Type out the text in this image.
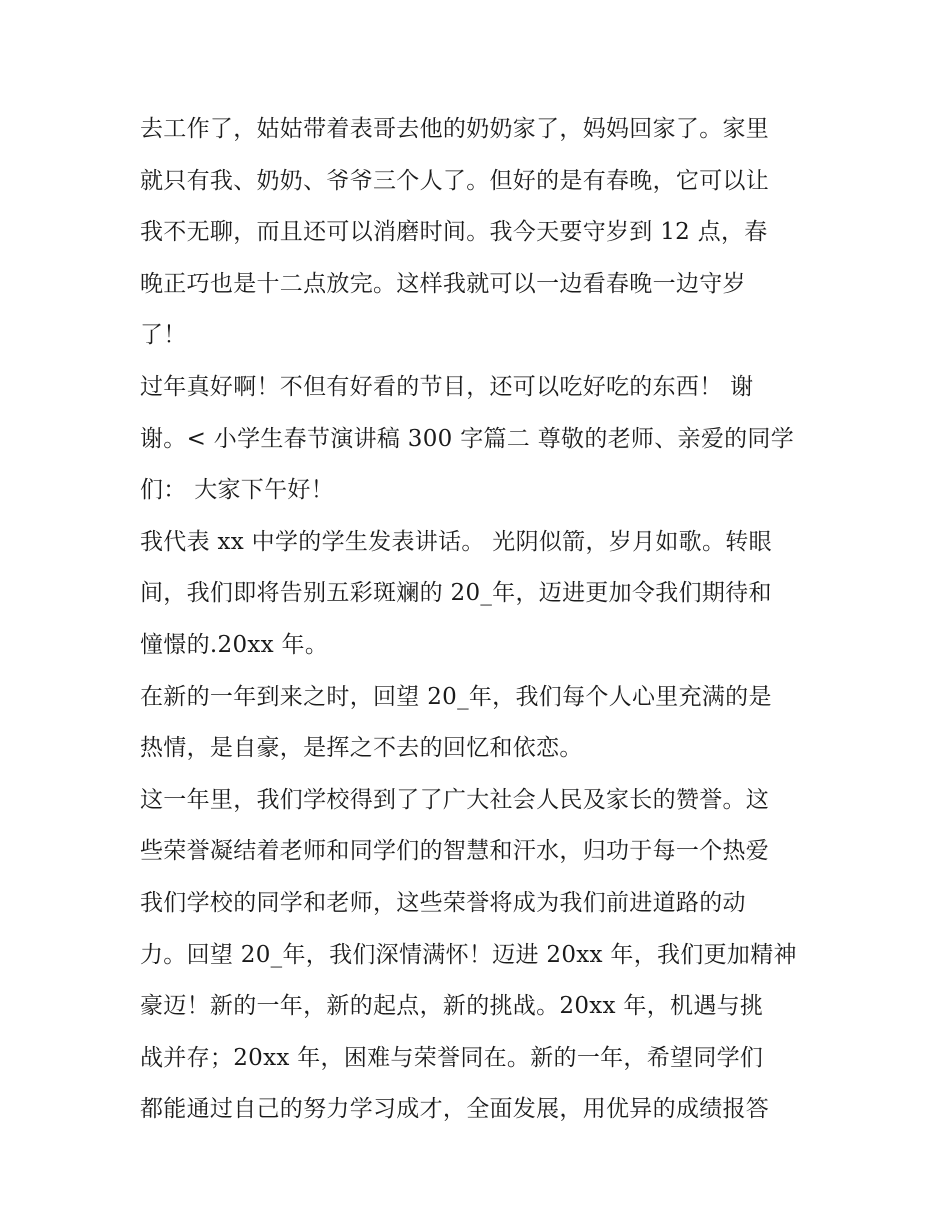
去工作了，姑姑带着表哥去他的奶奶家了，妈妈回家了。家里
就只有我、奶奶、爷爷三个人了。但好的是有春晚，它可以让
我不无聊，而且还可以消磨时间。我今天要守岁到 12 点，春
晚正巧也是十二点放完。这样我就可以一边看春晚一边守岁
了！
过年真好啊！不但有好看的节目，还可以吃好吃的东西！ 谢
谢。< 小学生春节演讲稿 300 字篇二 尊敬的老师、亲爱的同学
们： 大家下午好！
我代表 xx 中学的学生发表讲话。 光阴似箭，岁月如歌。转眼
间，我们即将告别五彩斑斓的 20_年，迈进更加令我们期待和
憧憬的.20xx 年。
在新的一年到来之时，回望 20_年，我们每个人心里充满的是
热情，是自豪，是挥之不去的回忆和依恋。
这一年里，我们学校得到了了广大社会人民及家长的赞誉。这
些荣誉凝结着老师和同学们的智慧和汗水，归功于每一个热爱
我们学校的同学和老师，这些荣誉将成为我们前进道路的动
力。回望 20_年，我们深情满怀！迈进 20xx 年，我们更加精神
豪迈！新的一年，新的起点，新的挑战。20xx 年，机遇与挑
战并存；20xx 年，困难与荣誉同在。新的一年，希望同学们
都能通过自己的努力学习成才，全面发展，用优异的成绩报答
